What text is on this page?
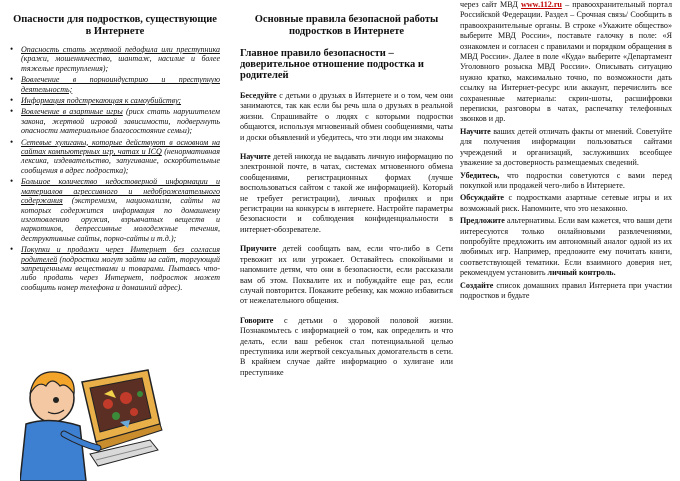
Опасности для подростков, существующие в Интернете
• Опасность стать жертвой педофила или преступника (кражи, мошенничество, шантаж, насилие и более тяжелые преступления);
• Вовлечение в порноиндустрию и преступную деятельность;
• Информация подстрекающая к самоубийству;
• Вовлечение в азартные игры (риск стать нарушителем закона, жертвой игровой зависимости, подвергнуть опасности материальное благосостояние семьи);
• Сетевые хулиганы, которые действуют в основном на сайтах компьютерных игр, чатах и ICQ (ненормативная лексика, издевательство, запугивание, оскорбительные сообщения в адрес подростка);
• Большое количество недостоверной информации и материалов агрессивного и недоброжелательного содержания (экстремизм, национализм, сайты на которых содержится информация по домашнему изготовлению оружия, взрывчатых веществ и наркотиков, депрессивные молодежные течения, деструктивные сайты, порно-сайты и т.д.);
• Покупки и продажи через Интернет без согласия родителей (подростки могут зайти на сайт, торгующий запрещенными веществами и товарами. Пытаясь что-либо продать через Интернет, подросток может сообщить номер телефона и домашний адрес).
Основные правила безопасной работы подростков в Интернете
Главное правило безопасности – доверительное отношение подростка и родителей

Беседуйте с детьми о друзьях в Интернете и о том, чем они занимаются, так как если бы речь шла о друзьях в реальной жизни. Спрашивайте о людях с которыми подростки общаются, используя мгновенный обмен сообщениями, чаты и доски объявлений и убедитесь, что эти люди им знакомы

Научите детей никогда не выдавать личную информацию по электронной почте, в чатах, системах мгновенного обмена сообщениями, регистрационных формах (лучше воспользоваться сайтом с такой же информацией). Который не требует регистрации), личных профилях и при регистрации на конкурсы в интернете. Настройте параметры безопасности и соблюдения конфиденциальности в интернет-обозревателе.

Приучите детей сообщать вам, если что-либо в Сети тревожит их или угрожает. Оставайтесь спокойными и напомните детям, что они в безопасности, если рассказали вам об этом. Похвалите их и побуждайте еще раз, если случай повторится. Покажите ребенку, как можно избавиться от нежелательного общения.

Говорите с детьми о здоровой половой жизни. Познакомьтесь с информацией о том, как определить и что делать, если ваш ребенок стал потенциальной целью преступника или жертвой сексуальных домогательств в сети. В крайнем случае дайте информацию о хулигане или преступнике

через сайт МВД www.112.ru – правоохранительный портал Российской Федерации. Раздел – Срочная связь/ Сообщить в правоохранительные органы. В строке «Укажите общество» выберите МВД России», поставьте галочку в поле: «Я ознакомлен и согласен с правилами и порядком обращения в МВД России». Далее в поле «Куда» выберите «Департамент Уголовного розыска МВД России». Описывать ситуацию нужно кратко, максимально точно, по возможности дать ссылку на Интернет-ресурс или аккаунт, перечислить все сохраненные материалы: скрин-шоты, расшифровки переписки, разговоры в чатах, распечатку телефонных звонков и др.

Научите ваших детей отличать факты от мнений. Советуйте для получения информации пользоваться сайтами учреждений и организаций, заслуживших всеобщее уважение за достоверность размещаемых сведений.

Убедитесь, что подростки советуются с вами перед покупкой или продажей чего-либо в Интернете.

Обсуждайте с подростками азартные сетевые игры и их возможный риск. Напомните, что это незаконно.

Предложите альтернативы. Если вам кажется, что ваши дети интересуются только онлайновыми развлечениями, попробуйте предложить им автономный аналог одной из их любимых игр. Например, предложите ему почитать книги, соответствующей тематики. Если взаимного доверия нет, рекомендуем установить личный контроль.

Создайте список домашних правил Интернета при участии подростков и будьте
